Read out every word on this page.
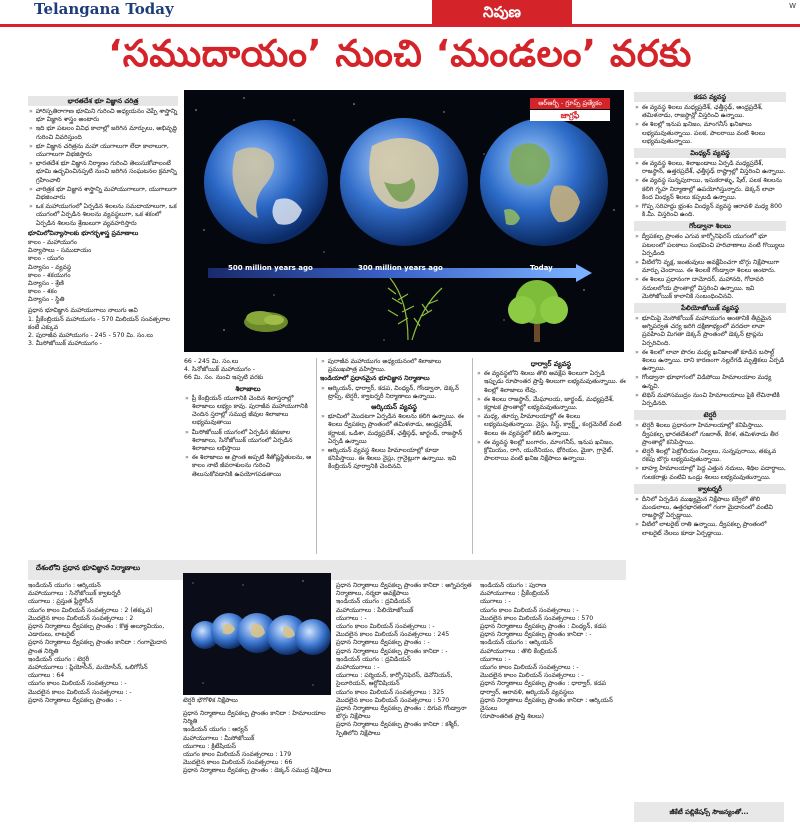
Telangana Today	నిపుణ	W
‘సముదాయం’ నుంచి ‘మండలం’ వరకు
భారతదేశ భూ విజ్ఞాన చరిత్ర

» హారిస్పతిరాగాణ భూమిని గురించి అధ్యయనం చెప్పే శాస్త్రాన్ని భూ విజ్ఞాన శాస్త్రం అంటారు

» ఇది భూ పటలం వివిధ కాలాల్లో జరిగిన మార్పులు, అభివృద్ధి గురించి వివరిస్తుంది

» భూ విజ్ఞాన చరిత్రను మహా యుగాలుగా లేదా కాలాలుగా, యుగాలుగా విభజిస్తారు

» భారతదేశ భూ విజ్ఞాన నిర్మాణం గురించి తెలుసుకోవాలంటే భూమి ఉద్భవించినప్పటి నుంచి జరిగిన సంఘటనల క్రమాన్ని గ్రహించాలి

» చారిత్రక భూ విజ్ఞాన శాస్త్రాన్ని మహాయుగాలుగా, యుగాలుగా విభజించారు

» ఒక మహాయుగంలో ఏర్పడిన శిలలను సమదాయాలుగా, ఒక యుగంలో ఏర్పడిన శిలలను వ్యవస్థలుగా, ఒక శకంలో ఏర్పడిన శిలలను శ్రేణులుగా వ్యవహరిస్తారు

భూమిలోవిన్యాసాలకు భూగర్భశాస్త్ర ప్రమాణాలు

కాలం - మహాయుగం

విన్యాసాలు - సముదాయం

కాలం - యుగం

విన్యాసం - వ్యవస్థ

కాలం - శకయుగం

విన్యాసం - శ్రేణి

కాలం - శకం

విన్యాసం - స్థితి

ప్రధాన భూవిజ్ఞాన మహాయుగాలు నాలుగు అవి

1. ప్రీకేంబ్రియన్ మహాయుగం - 570 మిలియన్ సంవత్సరాల కంటే ఎక్కువ

2. పురాజీవ మహాయుగం - 245 - 570 మి. సం.లు

3. మీసోజోయిక్ మహాయుగం -

500 million years ago	300 million years ago	Today
ఆర్ఆర్బీ - గ్రూప్స్ ప్రత్యేకం
జాగ్రఫీ

66 - 245 మి. సం.లు

4. సినోజోయిక్ మహాయుగం -

66 మి. సం. నుంచి ఇప్పటి వరకు

శిలాజాలు

» ప్రీ కేంబ్రియన్ యుగానికి చెందిన శిలాస్తరాల్లో శిలాజాలు లభ్యం కావు. పురాజీవ మహాయుగానికి చెందిన స్తరాల్లో సముద్ర జీవుల శిలాజాలు లభ్యమవుతాయి

» మీసోజోయిక్ యుగంలో ఏర్పడిన జీవజాల శిలాజాలు, సినోజోయిక్ యుగంలో ఏర్పడిన శిలాజాలు లభిస్తాయి

» ఈ శిలాజాలు ఆ ప్రాంత అప్పటి శీతోష్ణస్థితులను, ఆ కాలం నాటి జీవరాశులను గురించి తెలుసుకోవడానికి ఉపయోగపడతాయి

» పురాజీవ మహాయుగం అధ్యయనంలో శిలాజాలు ప్రముఖపాత్ర వహిస్తాయి.

ఇండియాలో ప్రధానమైన భూవిజ్ఞాన నిర్మాణాలు

» ఆర్కియన్, ధార్వార్, కడప, వింధ్యన్, గోండ్వానా, డెక్కన్ ట్రాప్స్, టెర్షరీ, క్వాటర్నరీ నిర్మాణాలు ఉన్నాయి.

ఆర్కియన్ వ్యవస్థ

» భూమిలో మొదటగా ఏర్పడిన శిలలను కలిగి ఉన్నాయి. ఈ శిలలు ద్వీపకల్ప ప్రాంతంలో తమిళనాడు, ఆంధ్రప్రదేశ్, కర్ణాటక, ఒడిశా, మధ్యప్రదేశ్, ఛత్తీస్గఢ్, జార్ఖండ్, రాజస్థాన్ ఏర్పడి ఉన్నాయి

» ఆర్కియన్ వ్యవస్థ శిలలు హిమాలయాల్లో కూడా కనిపిస్తాయి. ఈ శిలలు నైస్లు, గ్రానైట్లుగా ఉన్నాయి. ఇవి కేంబ్రియన్ పూర్వానికి చెందినవి.

ధార్వార్ వ్యవస్థ

» ఈ వ్యవస్థలోని శిలలు తొలి అవక్షేప శిలలుగా ఏర్పడి ఇప్పుడు రూపాంతర ప్రాప్తి శిలలుగా లభ్యమవుతున్నాయి. ఈ శిలల్లో శిలాజాలు లేవు.

» ఈ శిలలు రాజస్థాన్, మేఘాలయ, జార్ఖండ్, మధ్యప్రదేశ్, కర్ణాటక ప్రాంతాల్లో లభ్యమవుతున్నాయి.

» మధ్య, తూర్పు హిమాలయాల్లో ఈ శిలలు లభ్యమవుతున్నాయి. నైస్లు, సిస్ట్, క్వార్ట్జ్, కంగ్లమెరేట్ వంటి శిలలు ఈ వ్యవస్థలో కలిసి ఉన్నాయి.

» ఈ వ్యవస్థ శిలల్లో బంగారం, మాంగనీస్, ఇనుప ఖనిజం, క్రోమియం, రాగి, యురేనియం, థోరియం, మైకా, గ్రానైట్, పాలరాయి వంటి ఖనిజ నిక్షేపాలు ఉన్నాయి.

కడప వ్యవస్థ

» ఈ వ్యవస్థ శిలలు మధ్యప్రదేశ్, ఛత్తీస్గఢ్, ఆంధ్రప్రదేశ్, తమిళనాడు, రాజస్థాన్లో విస్తరించి ఉన్నాయి.

» ఈ శిలల్లో ఇనుప ఖనిజం, మాంగనీస్ ఖనిజాలు లభ్యమవుతున్నాయి. పలక, పాలరాయి వంటి శిలలు లభ్యమవుతున్నాయి.

వింధ్యన్ వ్యవస్థ

» ఈ వ్యవస్థ శిలలు, శిలాఖండాలు ఏర్పడి మధ్యప్రదేశ్, రాజస్థాన్, ఉత్తరప్రదేశ్, ఛత్తీస్గఢ్ రాష్ట్రాల్లో విస్తరించి ఉన్నాయి.

» ఈ వ్యవస్థ సున్నపురాయి, ఇసుకరాళ్ళు, షేల్, పలక శిలలను కలిగి గృహ నిర్మాణాల్లో ఉపయోగిస్తున్నారు. డెక్కన్ లావా కింద వింధ్యన్ శిలలు కప్పబడి ఉన్నాయి.

» గొప్ప సరిహద్దు భ్రంశం వింధ్యన్ వ్యవస్థ ఆరావళి మధ్య 800 కి.మీ. విస్తరించి ఉంది.

గోండ్వానా శిలలు

» ద్వీపకల్ప ప్రాంతం ఎగువ కార్బోనిఫెరస్ యుగంలో భూ పటలంలో పలకాలు సంభవించి హరివాణాలు వంటి గొయ్యిలు ఏర్పడింది

» వీటిలోని వృక్ష, జంతువులు అవక్షేపించగా బొగ్గు నిక్షేపాలుగా మార్పు చెందాయి. ఈ శిలలకే గోండ్వానా శిలలు అంటారు.

» ఈ శిలలు ప్రధానంగా దామోదర్, మహానది, గోదావరి నదులలోయ ప్రాంతాల్లో విస్తరించి ఉన్నాయి. ఇవి మెసోజోయిక్ కాలానికి సంబంధించినవి.

పేలియోజోయిక్ వ్యవస్థ

» భూమిపై మెసోజోయిక్ మహాయుగం అంతానికి తీవ్రమైన అగ్నిపర్వత చర్య జరిగి దక్షిణాభ్యంలో వరదలా లావా ప్రవహించి మిగతా డెక్కన్ ప్రాంతంలో డెక్కన్ ట్రాప్లను ఏర్పరిచింది.

» ఈ శిలలో లావా పొరల మధ్య ఖనిజాలతో కూడిన బసాల్ట్ శిలలు ఉన్నాయి. దాని కారణంగా నల్లరేగడి మృత్తికలు ఏర్పడి ఉన్నాయి.

» గోండ్వానా భూభాగంలో విడిపోయి హిమాలయాల మధ్య ఉన్నవి.

» టెథిస్ మహాసముద్రం నుంచి హిమాలయాలు పైకి లేచినాటికి ఏర్పడినది.

టెర్షరీ

» టెర్షరీ శిలలు ప్రధానంగా హిమాలయాల్లో కనిపిస్తాయి. ద్వీపకల్ప భారతదేశంలో గుజరాత్, కేరళ, తమిళనాడు తీర ప్రాంతాల్లో కనిపిస్తాయి.

» టెర్షరీ శిలల్లో పెట్రోలియం నిల్వలు, సున్నపురాయి, తక్కువ రకపు బొగ్గు లభ్యమవుతున్నాయి.

» బాహ్య హిమాలయాల్లో పెద్ద ఎత్తున నదులు, శిథిల పదార్థాలు, గులకరాళ్లు వంటివి ఒండ్రు శిలలు లభ్యమవుతున్నాయి.

క్వాటర్నరీ

» దీనిలో ఏర్పడిన ముఖ్యమైన నిక్షేపాలు కర్వేలో తొలి మండలాలు, ఉత్తరభారతంలో గంగా మైదానంలో వంటివి రాజస్థాన్లో ఏర్పడ్డాయి.

» వీటిలో లాటరైట్ రాతి ఉన్నాయి, ద్వీపకల్ప ప్రాంతంలో లాటరైట్ నేలలు కూడా ఏర్పడ్డాయి.

జీకేటీ పబ్లికేషన్స్ సౌజన్యంతో...
దేశంలోని ప్రధాన భూవిజ్ఞాన నిర్మాణాలు

ఇండియన్ యుగం : ఆర్కియన్

మహాయుగాలు : సినోజోయిక్ క్వాటర్నరీ

యుగాలు : ప్రస్తుత ప్లీస్టోసీన్

యుగం కాలం మిలియన్ సంవత్సరాలు : 2 (తక్కువ)

మొదలైన కాలం మిలియన్ సంవత్సరాలు : 2

ప్రధాన నిర్మాణాలు ద్వీపకల్ప ప్రాంతం : కొత్త అల్యూవియం, ఎడారులు, లాటరైట్

ప్రధాన నిర్మాణాలు ద్వీపకల్ప ప్రాంతం కానిదా : గంగామైదాన ప్రాంత నిర్మితి

ఇండియన్ యుగం : టెర్షరీ

మహాయుగాలు : ప్లియోసీన్, మయోసీన్, ఒలిగోసీన్

యుగాలు : 64

యుగం కాలం మిలియన్ సంవత్సరాలు : -

మొదలైన కాలం మిలియన్ సంవత్సరాలు : -

ప్రధాన నిర్మాణాలు ద్వీపకల్ప ప్రాంతం : -	టెర్షరీ భౌగోళిక నిక్షేపాలు

ప్రధాన నిర్మాణాలు ద్వీపకల్ప ప్రాంతం కానిదా : హిమాలయాల నిర్మితి

ఇండియన్ యుగం : ఆర్యన్

మహాయుగాలు : మీసోజోయిక్

యుగాలు : క్రిటేషియస్

యుగం కాలం మిలియన్ సంవత్సరాలు : 179

మొదలైన కాలం మిలియన్ సంవత్సరాలు : 66

ప్రధాన నిర్మాణాలు ద్వీపకల్ప ప్రాంతం : డెక్కన్ సముద్ర నిక్షేపాలు

ప్రధాన నిర్మాణాలు ద్వీపకల్ప ప్రాంతం కానిదా : అగ్నిపర్వత నిర్మాణాలు, నర్మదా అవక్షేపాలు

ఇండియన్ యుగం : ద్రవిడియన్

మహాయుగాలు : పేలియోజోయిక్

యుగాలు : -

యుగం కాలం మిలియన్ సంవత్సరాలు : -

మొదలైన కాలం మిలియన్ సంవత్సరాలు : 245

ప్రధాన నిర్మాణాలు ద్వీపకల్ప ప్రాంతం : -

ప్రధాన నిర్మాణాలు ద్వీపకల్ప ప్రాంతం కానిదా : -

ఇండియన్ యుగం : ద్రవిడియన్

మహాయుగాలు : -

యుగాలు : పర్మియన్, కార్బోనిఫెరస్, డెవోనియన్, సైలూరియన్, ఆర్డోవిషియన్

యుగం కాలం మిలియన్ సంవత్సరాలు : 325

మొదలైన కాలం మిలియన్ సంవత్సరాలు : 570

ప్రధాన నిర్మాణాలు ద్వీపకల్ప ప్రాంతం : దిగువ గోండ్వానా బొగ్గు నిక్షేపాలు

ప్రధాన నిర్మాణాలు ద్వీపకల్ప ప్రాంతం కానిదా : కశ్మీర్, స్పితిలోని నిక్షేపాలు

ఇండియన్ యుగం : పురాణ

మహాయుగాలు : ప్రీకేంబ్రియన్

యుగాలు : -

యుగం కాలం మిలియన్ సంవత్సరాలు : -

మొదలైన కాలం మిలియన్ సంవత్సరాలు : 570

ప్రధాన నిర్మాణాలు ద్వీపకల్ప ప్రాంతం : వింధ్యన్, కడప

ప్రధాన నిర్మాణాలు ద్వీపకల్ప ప్రాంతం కానిదా : -

ఇండియన్ యుగం : ఆర్కియన్

మహాయుగాలు : తొలి కేంబ్రియన్

యుగాలు : -

యుగం కాలం మిలియన్ సంవత్సరాలు : -

మొదలైన కాలం మిలియన్ సంవత్సరాలు : -

ప్రధాన నిర్మాణాలు ద్వీపకల్ప ప్రాంతం : ధార్వార్, కడప ధార్వార్, ఆరావళి, ఆర్కియన్ వ్యవస్థలు

ప్రధాన నిర్మాణాలు ద్వీపకల్ప ప్రాంతం కానిదా : ఆర్కియన్ నైసులు

(రూపాంతరిత ప్రాప్తి శిలలు)
